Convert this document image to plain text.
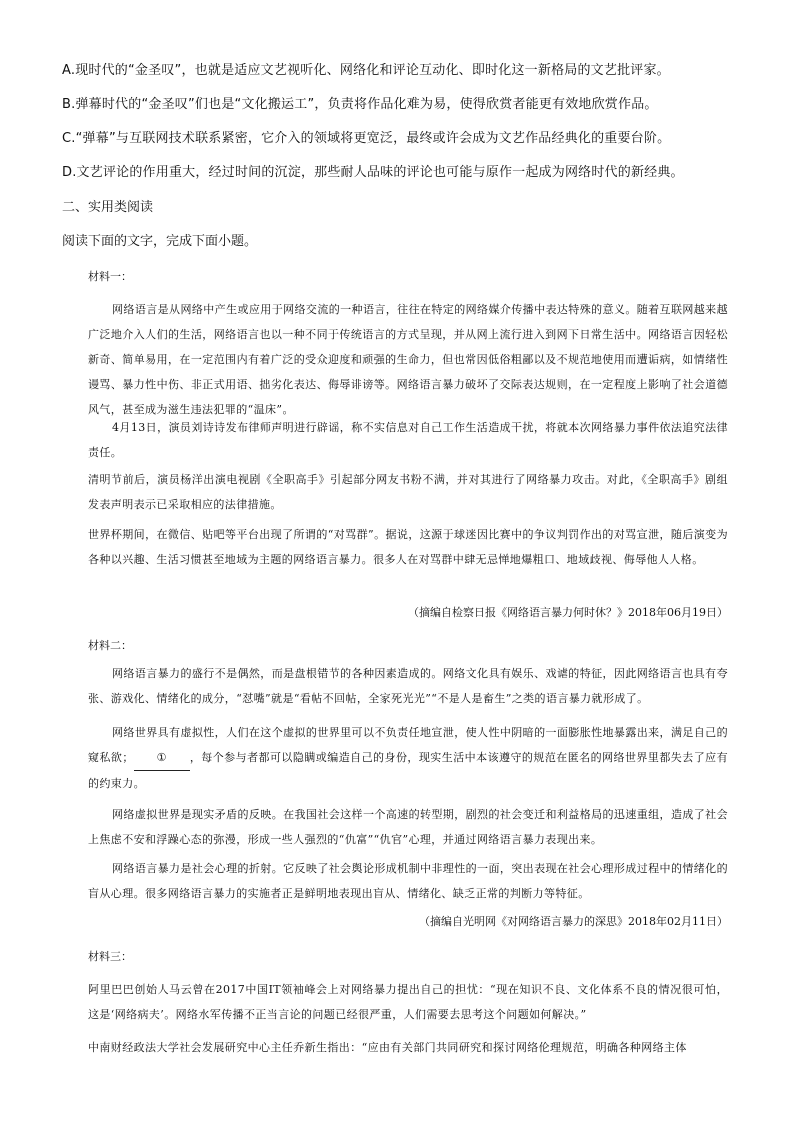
A.现时代的“金圣叹”，也就是适应文艺视听化、网络化和评论互动化、即时化这一新格局的文艺批评家。
B.弹幕时代的“金圣叹”们也是“文化搬运工”，负责将作品化难为易，使得欣赏者能更有效地欣赏作品。
C.“弹幕”与互联网技术联系紧密，它介入的领域将更宽泛，最终或许会成为文艺作品经典化的重要台阶。
D.文艺评论的作用重大，经过时间的沉淀，那些耐人品味的评论也可能与原作一起成为网络时代的新经典。
二、实用类阅读
阅读下面的文字，完成下面小题。
材料一：
网络语言是从网络中产生或应用于网络交流的一种语言，往往在特定的网络媒介传播中表达特殊的意义。随着互联网越来越广泛地介入人们的生活，网络语言也以一种不同于传统语言的方式呈现，并从网上流行进入到网下日常生活中。网络语言因轻松新奇、简单易用，在一定范围内有着广泛的受众迎度和顽强的生命力，但也常因低俗粗鄙以及不规范地使用而遭诟病，如情绪性谩骂、暴力性中伤、非正式用语、拙劣化表达、侮辱诽谤等。网络语言暴力破坏了交际表达规则，在一定程度上影响了社会道德风气，甚至成为滋生违法犯罪的“温床”。
4月13日，演员刘诗诗发布律师声明进行辟谣，称不实信息对自己工作生活造成干扰，将就本次网络暴力事件依法追究法律责任。
清明节前后，演员杨洋出演电视剧《全职高手》引起部分网友书粉不满，并对其进行了网络暴力攻击。对此，《全职高手》剧组发表声明表示已采取相应的法律措施。
世界杯期间，在微信、贴吧等平台出现了所谓的“对骂群”。据说，这源于球迷因比赛中的争议判罚作出的对骂宣泄，随后演变为各种以兴趣、生活习惯甚至地域为主题的网络语言暴力。很多人在对骂群中肆无忌惮地爆粗口、地域歧视、侮辱他人人格。
（摘编自检察日报《网络语言暴力何时休？》2018年06月19日）
材料二：
网络语言暴力的盛行不是偶然，而是盘根错节的各种因素造成的。网络文化具有娱乐、戏谑的特征，因此网络语言也具有夸张、游戏化、情绪化的成分，“怼嘴”就是“看帖不回帖，全家死光光”“不是人是畜生”之类的语言暴力就形成了。
网络世界具有虚拟性，人们在这个虚拟的世界里可以不负责任地宣泄，使人性中阴暗的一面膨胀性地暴露出来，满足自己的窥私欲； ① ，每个参与者都可以隐瞒或编造自己的身份，现实生活中本该遵守的规范在匿名的网络世界里都失去了应有的约束力。
网络虚拟世界是现实矛盾的反映。在我国社会这样一个高速的转型期，剧烈的社会变迁和利益格局的迅速重组，造成了社会上焦虑不安和浮躁心态的弥漫，形成一些人强烈的“仇富”“仇官”心理，并通过网络语言暴力表现出来。
网络语言暴力是社会心理的折射。它反映了社会舆论形成机制中非理性的一面，突出表现在社会心理形成过程中的情绪化的盲从心理。很多网络语言暴力的实施者正是鲜明地表现出盲从、情绪化、缺乏正常的判断力等特征。
（摘编自光明网《对网络语言暴力的深思》2018年02月11日）
材料三：
阿里巴巴创始人马云曾在2017中国IT领袖峰会上对网络暴力提出自己的担忧：“现在知识不良、文化体系不良的情况很可怕，这是‘网络病夫’。网络水军传播不正当言论的问题已经很严重，人们需要去思考这个问题如何解决。”
中南财经政法大学社会发展研究中心主任乔新生指出：“应由有关部门共同研究和探讨网络伦理规范，明确各种网络主体
